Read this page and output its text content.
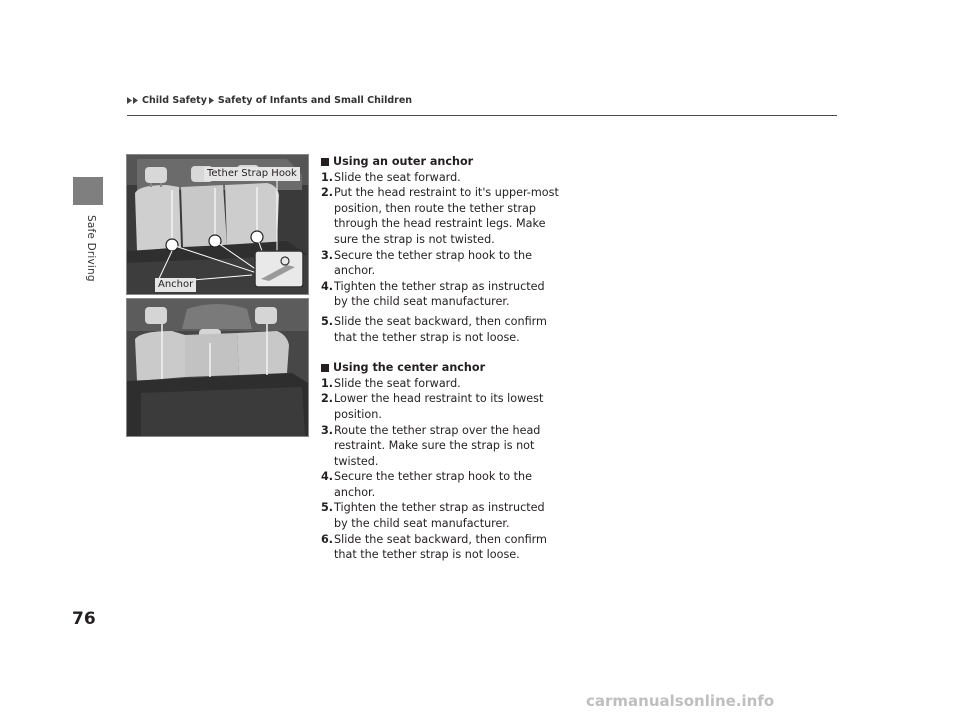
Child Safety Safety of Infants and Small Children
Safe Driving
Tether Strap Hook
Anchor
Using an outer anchor
1. Slide the seat forward.
2. Put the head restraint to it's upper-most position, then route the tether strap through the head restraint legs. Make sure the strap is not twisted.
3. Secure the tether strap hook to the anchor.
4. Tighten the tether strap as instructed by the child seat manufacturer.
5. Slide the seat backward, then confirm that the tether strap is not loose.
Using the center anchor
1. Slide the seat forward.
2. Lower the head restraint to its lowest position.
3. Route the tether strap over the head restraint. Make sure the strap is not twisted.
4. Secure the tether strap hook to the anchor.
5. Tighten the tether strap as instructed by the child seat manufacturer.
6. Slide the seat backward, then confirm that the tether strap is not loose.
76
carmanualsonline.info
